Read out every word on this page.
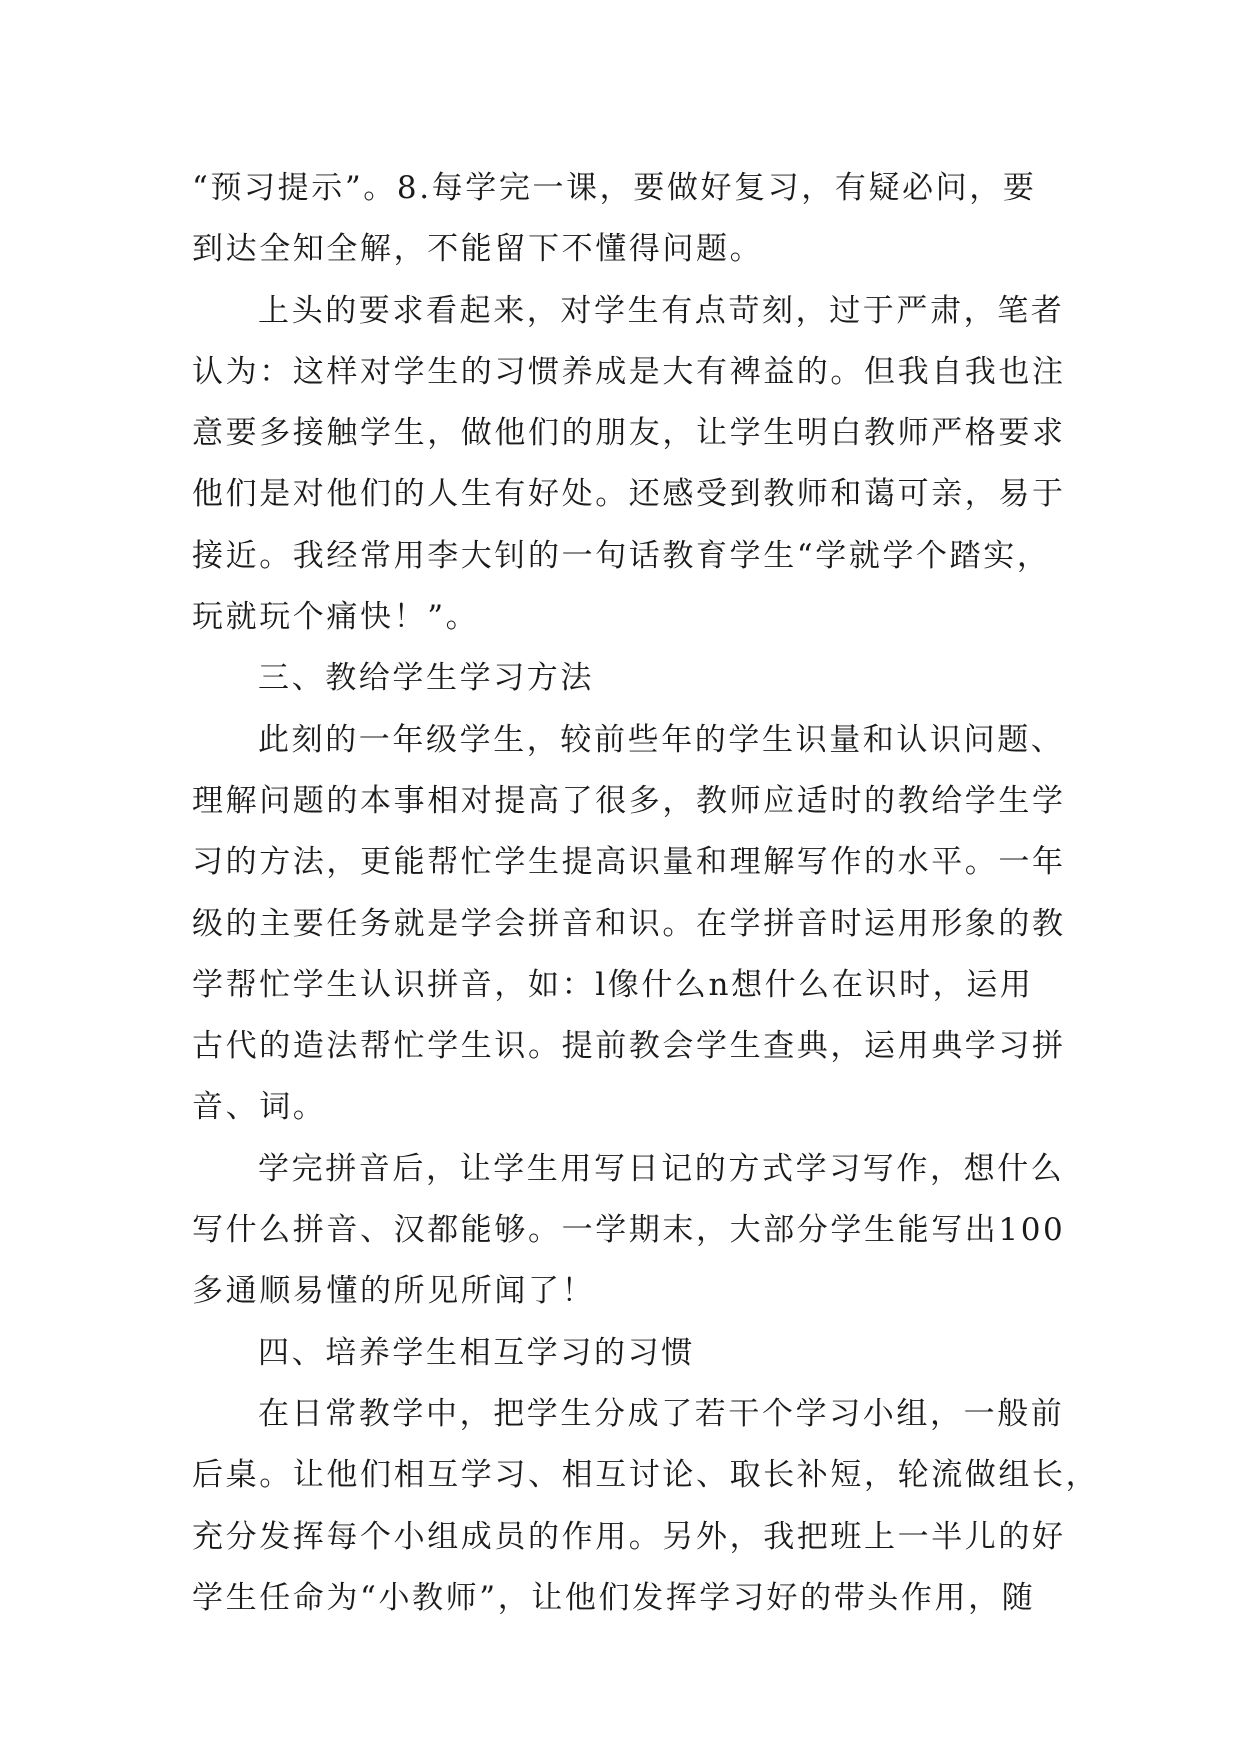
“预习提示”。8.每学完一课，要做好复习，有疑必问，要
到达全知全解，不能留下不懂得问题。
上头的要求看起来，对学生有点苛刻，过于严肃，笔者
认为：这样对学生的习惯养成是大有裨益的。但我自我也注
意要多接触学生，做他们的朋友，让学生明白教师严格要求
他们是对他们的人生有好处。还感受到教师和蔼可亲，易于
接近。我经常用李大钊的一句话教育学生“学就学个踏实，
玩就玩个痛快！”。
三、教给学生学习方法
此刻的一年级学生，较前些年的学生识量和认识问题、
理解问题的本事相对提高了很多，教师应适时的教给学生学
习的方法，更能帮忙学生提高识量和理解写作的水平。一年
级的主要任务就是学会拼音和识。在学拼音时运用形象的教
学帮忙学生认识拼音，如：l像什么n想什么在识时，运用
古代的造法帮忙学生识。提前教会学生查典，运用典学习拼
音、词。
学完拼音后，让学生用写日记的方式学习写作，想什么
写什么拼音、汉都能够。一学期末，大部分学生能写出100
多通顺易懂的所见所闻了！
四、培养学生相互学习的习惯
在日常教学中，把学生分成了若干个学习小组，一般前
后桌。让他们相互学习、相互讨论、取长补短，轮流做组长，
充分发挥每个小组成员的作用。另外，我把班上一半儿的好
学生任命为“小教师”，让他们发挥学习好的带头作用，随
